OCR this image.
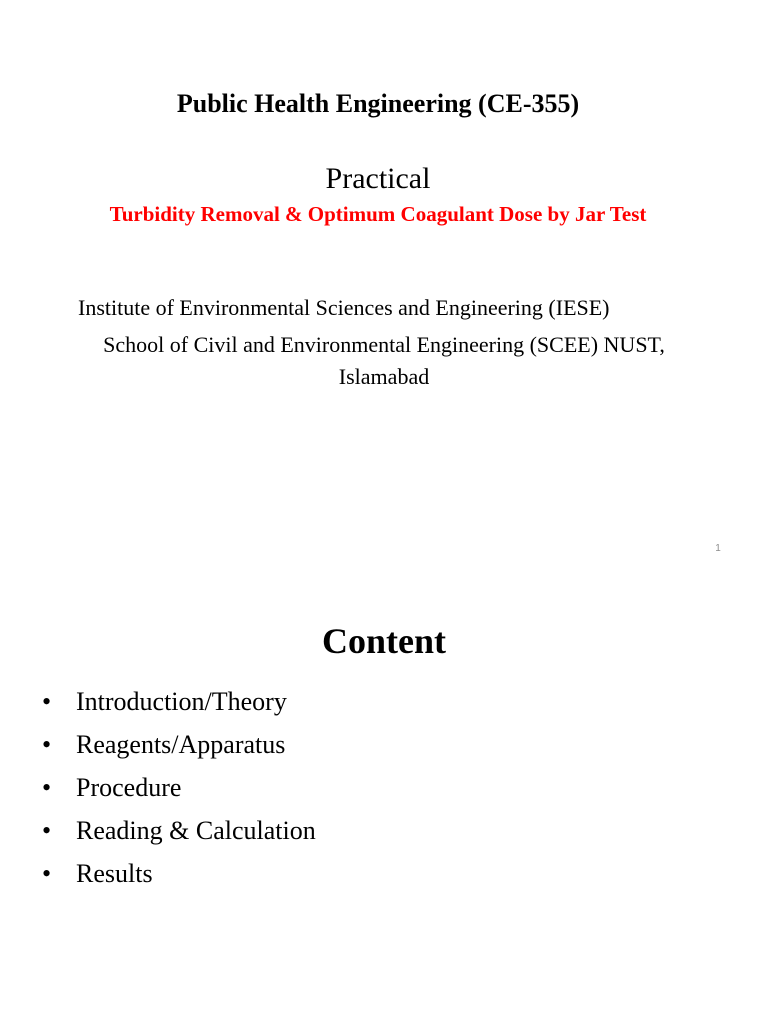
Public Health Engineering (CE-355)
Practical
Turbidity Removal & Optimum Coagulant Dose by Jar Test
Institute of Environmental Sciences and Engineering (IESE)
School of Civil and Environmental Engineering (SCEE) NUST,
Islamabad
1
Content
• Introduction/Theory
• Reagents/Apparatus
• Procedure
• Reading & Calculation
• Results
